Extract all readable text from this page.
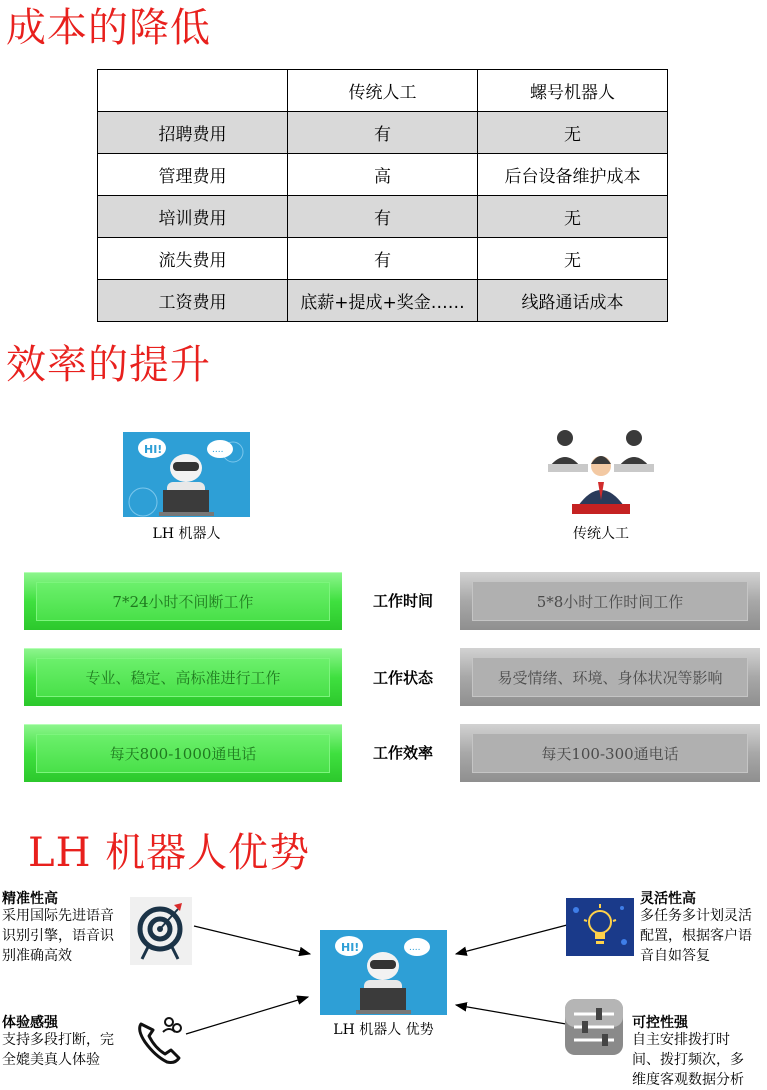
成本的降低
	传统人工	螺号机器人
招聘费用	有	无
管理费用	高	后台设备维护成本
培训费用	有	无
流失费用	有	无
工资费用	底薪+提成+奖金……	线路通话成本
效率的提升
HI!	....
LH 机器人	传统人工
7*24小时不间断工作	工作时间	5*8小时工作时间工作
专业、稳定、高标准进行工作	工作状态	易受情绪、环境、身体状况等影响
每天800-1000通电话	工作效率	每天100-300通电话
LH 机器人优势
HI!	....
LH 机器人 优势
精准性高
采用国际先进语音
识别引擎，语音识
别准确高效
体验感强
支持多段打断，完
全媲美真人体验
灵活性高
多任务多计划灵活
配置，根据客户语
音自如答复
可控性强
自主安排拨打时
间、拨打频次，多
维度客观数据分析
